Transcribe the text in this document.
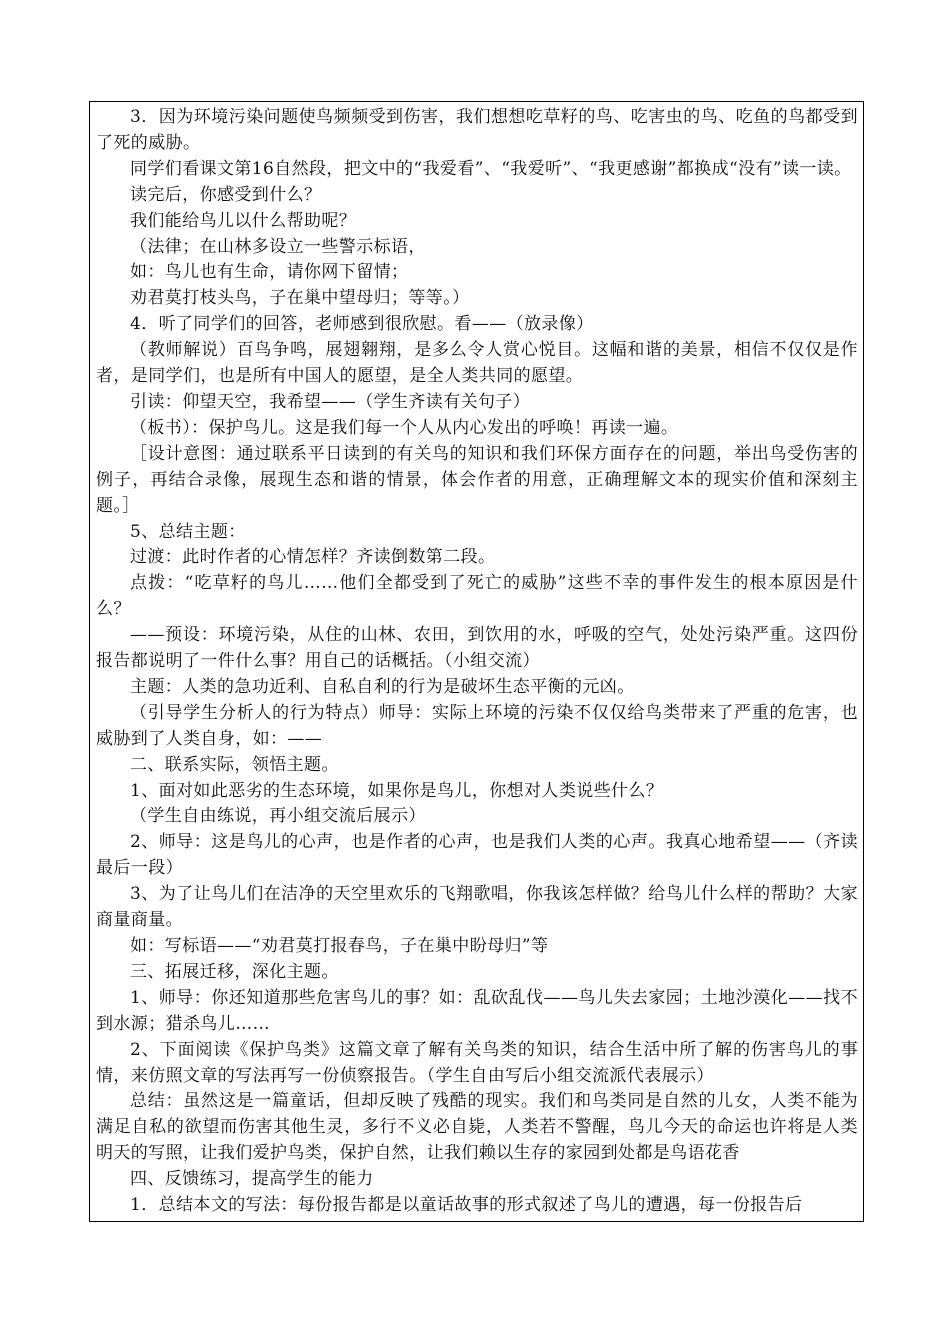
3．因为环境污染问题使鸟频频受到伤害，我们想想吃草籽的鸟、吃害虫的鸟、吃鱼的鸟都受到了死的威胁。

同学们看课文第16自然段，把文中的“我爱看”、“我爱听”、“我更感谢”都换成“没有”读一读。

读完后，你感受到什么？

我们能给鸟儿以什么帮助呢？

（法律；在山林多设立一些警示标语，

如：鸟儿也有生命，请你网下留情；

劝君莫打枝头鸟，子在巢中望母归；等等。）

4．听了同学们的回答，老师感到很欣慰。看——（放录像）

（教师解说）百鸟争鸣，展翅翱翔，是多么令人赏心悦目。这幅和谐的美景，相信不仅仅是作者，是同学们，也是所有中国人的愿望，是全人类共同的愿望。

引读：仰望天空，我希望——（学生齐读有关句子）

（板书）：保护鸟儿。这是我们每一个人从内心发出的呼唤！再读一遍。

［设计意图：通过联系平日读到的有关鸟的知识和我们环保方面存在的问题，举出鸟受伤害的例子，再结合录像，展现生态和谐的情景，体会作者的用意，正确理解文本的现实价值和深刻主题。］

5、总结主题：

过渡：此时作者的心情怎样？齐读倒数第二段。

点拨：“吃草籽的鸟儿……他们全都受到了死亡的威胁”这些不幸的事件发生的根本原因是什么？

——预设：环境污染，从住的山林、农田，到饮用的水，呼吸的空气，处处污染严重。这四份报告都说明了一件什么事？用自己的话概括。（小组交流）

主题：人类的急功近利、自私自利的行为是破坏生态平衡的元凶。

（引导学生分析人的行为特点）师导：实际上环境的污染不仅仅给鸟类带来了严重的危害，也威胁到了人类自身，如：——

二、联系实际，领悟主题。

1、面对如此恶劣的生态环境，如果你是鸟儿，你想对人类说些什么？

（学生自由练说，再小组交流后展示）

2、师导：这是鸟儿的心声，也是作者的心声，也是我们人类的心声。我真心地希望——（齐读最后一段）

3、为了让鸟儿们在洁净的天空里欢乐的飞翔歌唱，你我该怎样做？给鸟儿什么样的帮助？大家商量商量。

如：写标语——“劝君莫打报春鸟，子在巢中盼母归”等

三、拓展迁移，深化主题。

1、师导：你还知道那些危害鸟儿的事？如：乱砍乱伐——鸟儿失去家园；土地沙漠化——找不到水源；猎杀鸟儿……

2、下面阅读《保护鸟类》这篇文章了解有关鸟类的知识，结合生活中所了解的伤害鸟儿的事情，来仿照文章的写法再写一份侦察报告。（学生自由写后小组交流派代表展示）

总结：虽然这是一篇童话，但却反映了残酷的现实。我们和鸟类同是自然的儿女，人类不能为满足自私的欲望而伤害其他生灵，多行不义必自毙，人类若不警醒，鸟儿今天的命运也许将是人类明天的写照，让我们爱护鸟类，保护自然，让我们赖以生存的家园到处都是鸟语花香

四、反馈练习，提高学生的能力

1．总结本文的写法：每份报告都是以童话故事的形式叙述了鸟儿的遭遇，每一份报告后
